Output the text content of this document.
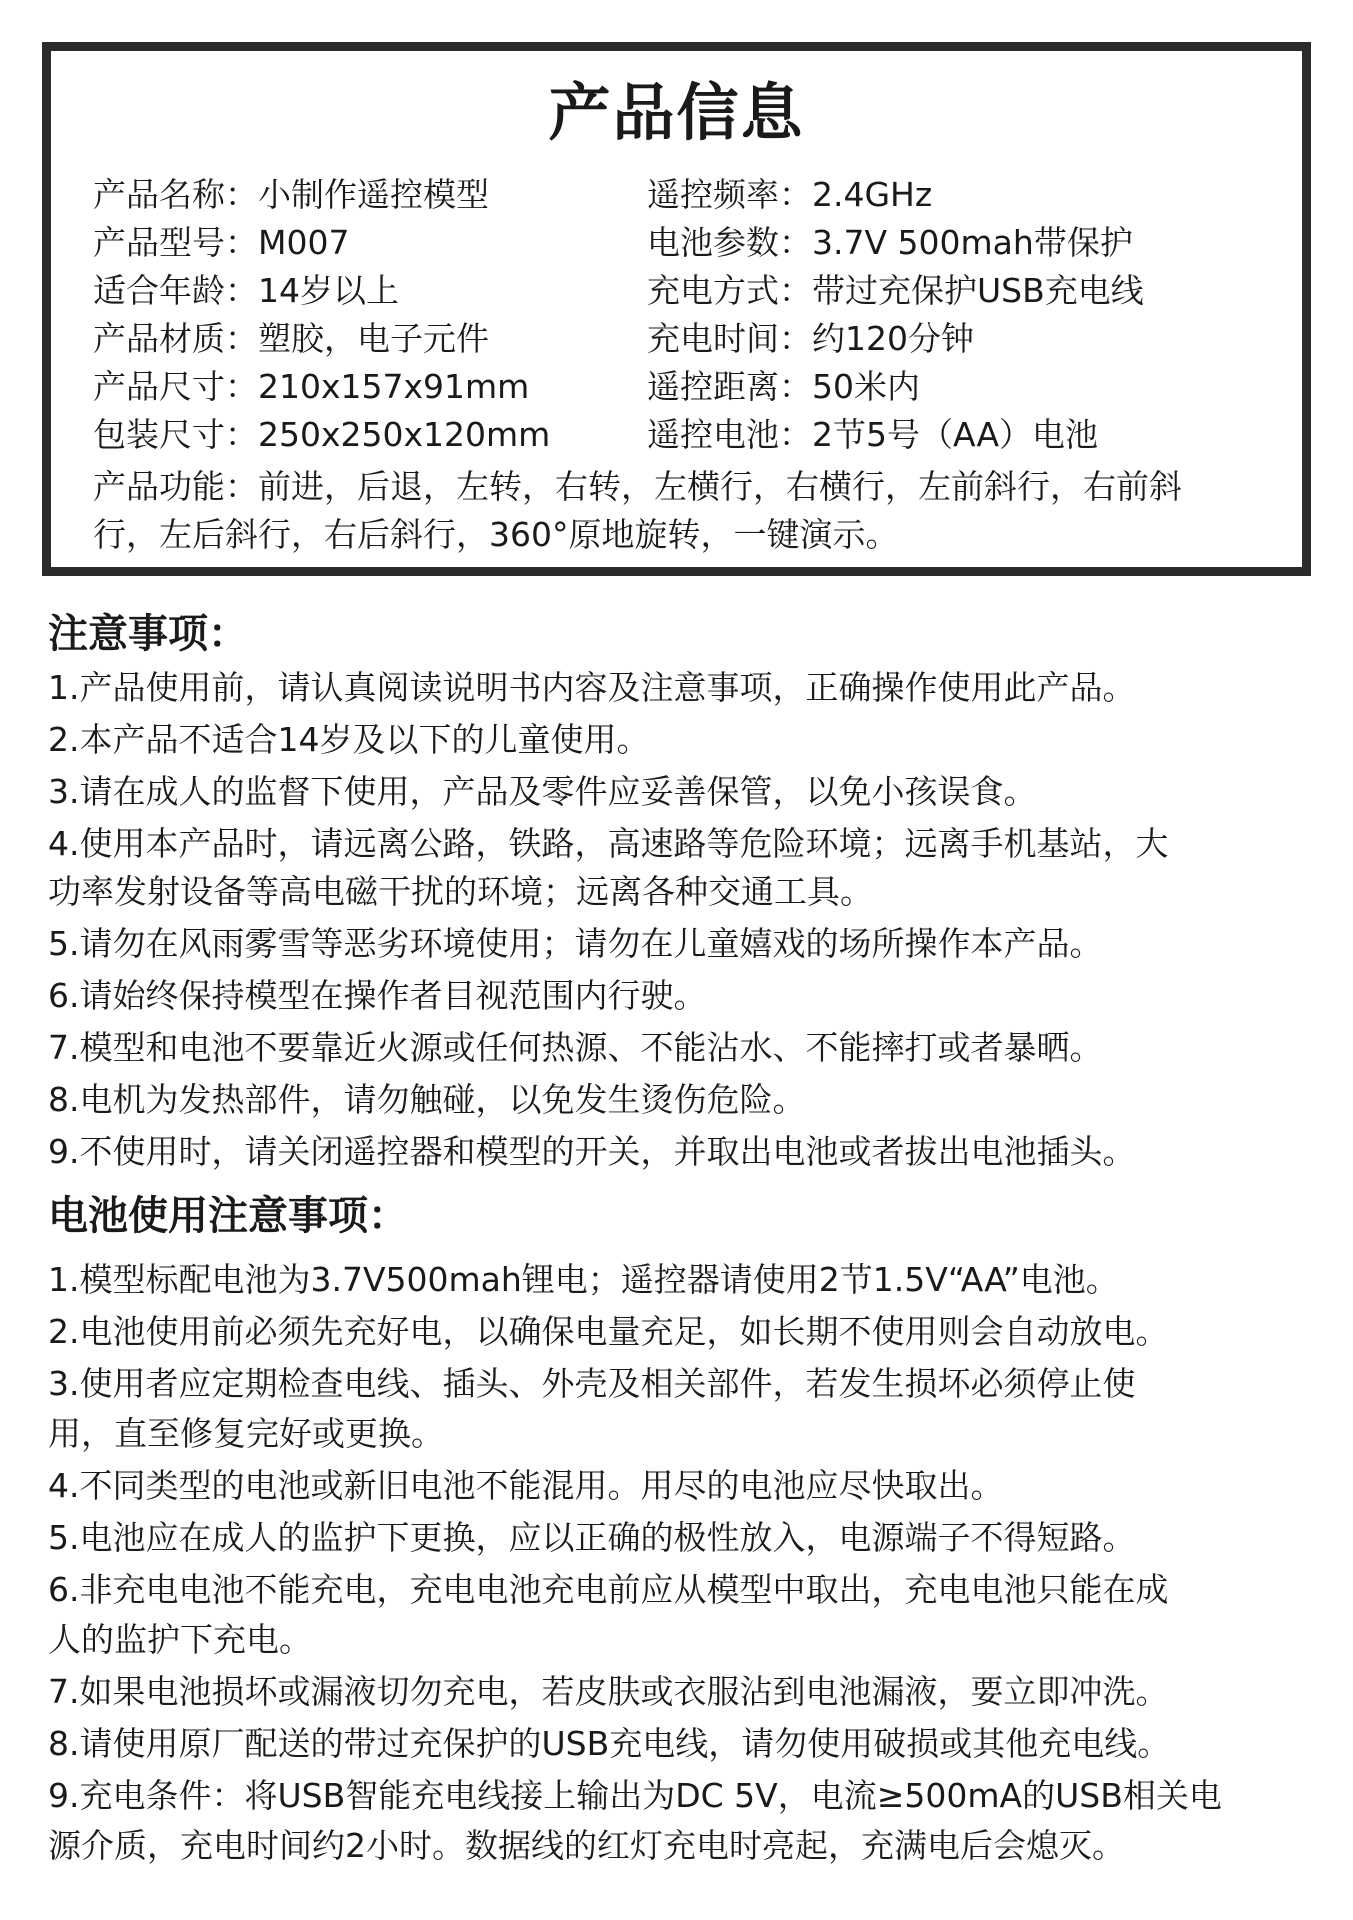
产品信息
产品名称：小制作遥控模型
产品型号：M007
适合年龄：14岁以上
产品材质：塑胶，电子元件
产品尺寸：210x157x91mm
包装尺寸：250x250x120mm
遥控频率：2.4GHz
电池参数：3.7V 500mah带保护
充电方式：带过充保护USB充电线
充电时间：约120分钟
遥控距离：50米内
遥控电池：2节5号（AA）电池
产品功能：前进，后退，左转，右转，左横行，右横行，左前斜行，右前斜
行，左后斜行，右后斜行，360°原地旋转，一键演示。
注意事项：
1.产品使用前，请认真阅读说明书内容及注意事项，正确操作使用此产品。
2.本产品不适合14岁及以下的儿童使用。
3.请在成人的监督下使用，产品及零件应妥善保管，以免小孩误食。
4.使用本产品时，请远离公路，铁路，高速路等危险环境；远离手机基站，大
功率发射设备等高电磁干扰的环境；远离各种交通工具。
5.请勿在风雨雾雪等恶劣环境使用；请勿在儿童嬉戏的场所操作本产品。
6.请始终保持模型在操作者目视范围内行驶。
7.模型和电池不要靠近火源或任何热源、不能沾水、不能摔打或者暴晒。
8.电机为发热部件，请勿触碰，以免发生烫伤危险。
9.不使用时，请关闭遥控器和模型的开关，并取出电池或者拔出电池插头。
电池使用注意事项：
1.模型标配电池为3.7V500mah锂电；遥控器请使用2节1.5V“AA”电池。
2.电池使用前必须先充好电，以确保电量充足，如长期不使用则会自动放电。
3.使用者应定期检查电线、插头、外壳及相关部件，若发生损坏必须停止使
用，直至修复完好或更换。
4.不同类型的电池或新旧电池不能混用。用尽的电池应尽快取出。
5.电池应在成人的监护下更换，应以正确的极性放入，电源端子不得短路。
6.非充电电池不能充电，充电电池充电前应从模型中取出，充电电池只能在成
人的监护下充电。
7.如果电池损坏或漏液切勿充电，若皮肤或衣服沾到电池漏液，要立即冲洗。
8.请使用原厂配送的带过充保护的USB充电线，请勿使用破损或其他充电线。
9.充电条件：将USB智能充电线接上输出为DC 5V，电流≥500mA的USB相关电
源介质，充电时间约2小时。数据线的红灯充电时亮起，充满电后会熄灭。
